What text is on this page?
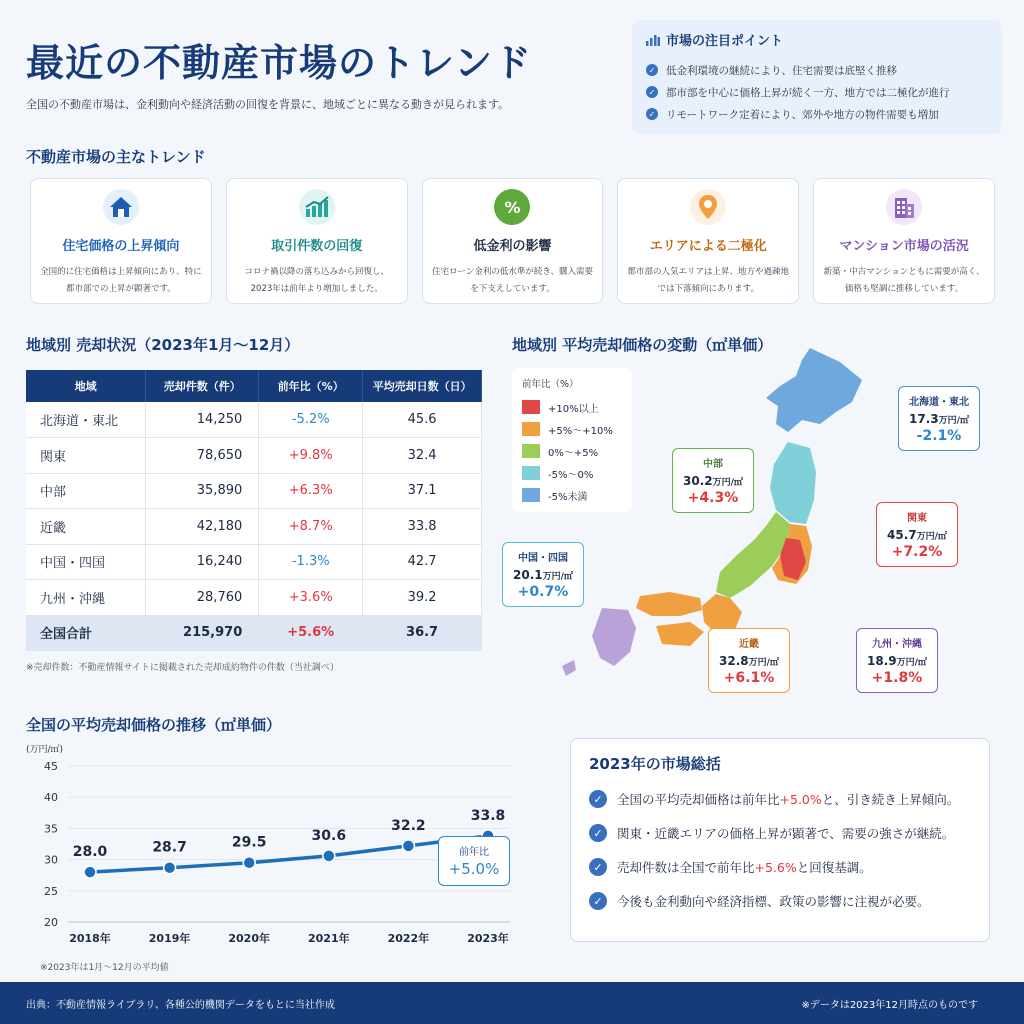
最近の不動産市場のトレンド
全国の不動産市場は、金利動向や経済活動の回復を背景に、地域ごとに異なる動きが見られます。
市場の注目ポイント
✓ 低金利環境の継続により、住宅需要は底堅く推移
✓ 都市部を中心に価格上昇が続く一方、地方では二極化が進行
✓ リモートワーク定着により、郊外や地方の物件需要も増加
不動産市場の主なトレンド
住宅価格の上昇傾向
全国的に住宅価格は上昇傾向にあり、特に都市部での上昇が顕著です。
取引件数の回復
コロナ禍以降の落ち込みから回復し、2023年は前年より増加しました。
%
低金利の影響
住宅ローン金利の低水準が続き、購入需要を下支えしています。
エリアによる二極化
都市部の人気エリアは上昇、地方や過疎地では下落傾向にあります。
マンション市場の活況
新築・中古マンションともに需要が高く、価格も堅調に推移しています。
地域別 売却状況（2023年1月〜12月）
地域	売却件数（件）	前年比（%）	平均売却日数（日）
北海道・東北	14,250	-5.2%	45.6
関東	78,650	+9.8%	32.4
中部	35,890	+6.3%	37.1
近畿	42,180	+8.7%	33.8
中国・四国	16,240	-1.3%	42.7
九州・沖縄	28,760	+3.6%	39.2
全国合計	215,970	+5.6%	36.7
※売却件数：不動産情報サイトに掲載された売却成約物件の件数（当社調べ）
地域別 平均売却価格の変動（㎡単価）
前年比（%）
+10%以上
+5%〜+10%
0%〜+5%
-5%〜0%
-5%未満
北海道・東北
17.3万円/㎡
-2.1%
中部
30.2万円/㎡
+4.3%
関東
45.7万円/㎡
+7.2%
中国・四国
20.1万円/㎡
+0.7%
近畿
32.8万円/㎡
+6.1%
九州・沖縄
18.9万円/㎡
+1.8%
全国の平均売却価格の推移（㎡単価）
(万円/㎡)
20
25
30
35
40
45
28.0
2018年
28.7
2019年
29.5
2020年
30.6
2021年
32.2
2022年
33.8
2023年
前年比
+5.0%
※2023年は1月〜12月の平均値
2023年の市場総括
✓	全国の平均売却価格は前年比+5.0%と、引き続き上昇傾向。
✓	関東・近畿エリアの価格上昇が顕著で、需要の強さが継続。
✓	売却件数は全国で前年比+5.6%と回復基調。
✓	今後も金利動向や経済指標、政策の影響に注視が必要。
出典：不動産情報ライブラリ、各種公的機関データをもとに当社作成	※データは2023年12月時点のものです
